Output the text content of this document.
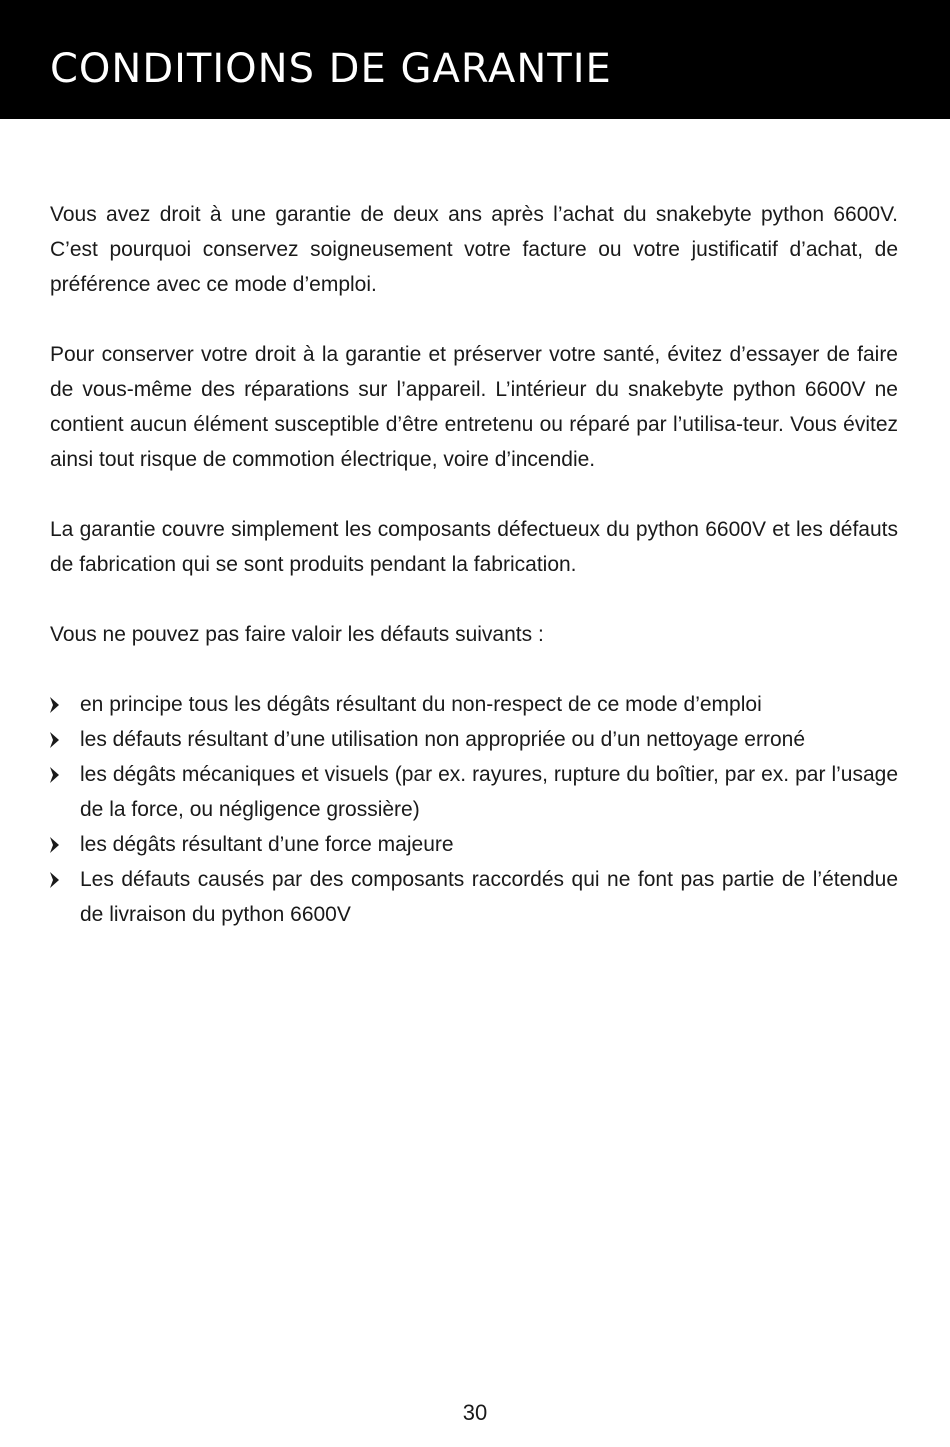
CONDITIONS DE GARANTIE

Vous avez droit à une garantie de deux ans après l’achat du snakebyte python 6600V. C’est pourquoi conservez soigneusement votre facture ou votre justificatif d’achat, de préférence avec ce mode d’emploi.

Pour conserver votre droit à la garantie et préserver votre santé, évitez d’essayer de faire de vous-même des réparations sur l’appareil. L’intérieur du snakebyte python 6600V ne contient aucun élément susceptible d’être entretenu ou réparé par l’utilisa-teur. Vous évitez ainsi tout risque de commotion électrique, voire d’incendie.

La garantie couvre simplement les composants défectueux du python 6600V et les défauts de fabrication qui se sont produits pendant la fabrication.

Vous ne pouvez pas faire valoir les défauts suivants :

en principe tous les dégâts résultant du non-respect de ce mode d’emploi
les défauts résultant d’une utilisation non appropriée ou d’un nettoyage erroné
les dégâts mécaniques et visuels (par ex. rayures, rupture du boîtier, par ex. par l’usage de la force, ou négligence grossière)
les dégâts résultant d’une force majeure
Les défauts causés par des composants raccordés qui ne font pas partie de l’étendue de livraison du python 6600V
30
